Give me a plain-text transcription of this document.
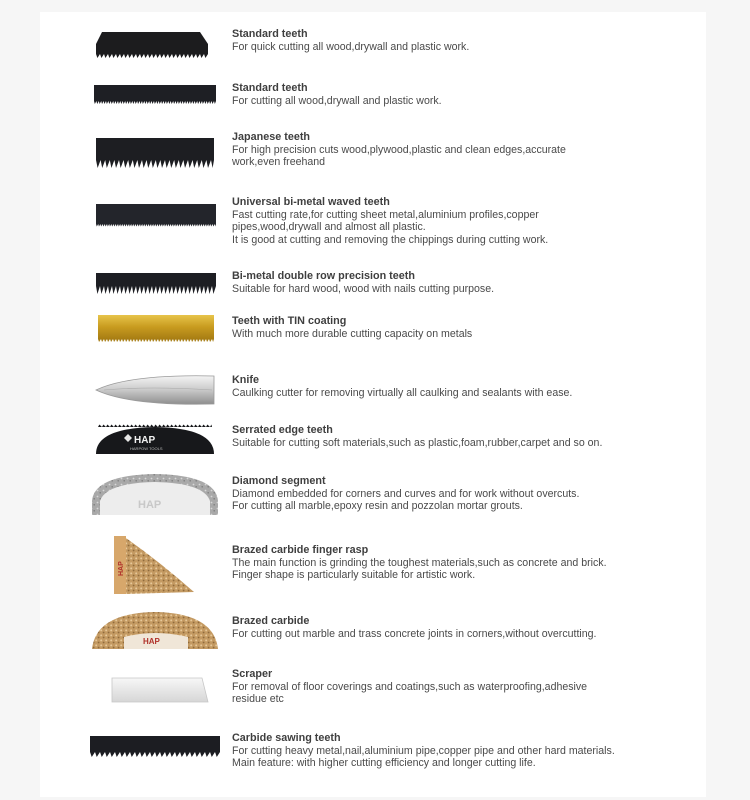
Standard teeth
For quick cutting all wood,drywall and plastic work.
Standard teeth
For cutting all wood,drywall and plastic work.
Japanese teeth
For high precision cuts wood,plywood,plastic and clean edges,accurate
work,even freehand
Universal bi-metal waved teeth
Fast cutting rate,for cutting sheet metal,aluminium profiles,copper
pipes,wood,drywall and almost all plastic.
It is good at cutting and removing the chippings during cutting work.
Bi-metal double row precision teeth
Suitable for hard wood, wood with nails cutting purpose.
Teeth with TIN coating
With much more durable cutting capacity on metals
Knife
Caulking cutter for removing virtually all caulking and sealants with ease.
HAP
HARPOW TOOLS
Serrated edge teeth
Suitable for cutting soft materials,such as plastic,foam,rubber,carpet and so on.
HAP
Diamond segment
Diamond embedded for corners and curves and for work without overcuts.
For cutting all marble,epoxy resin and pozzolan mortar grouts.
HAP
Brazed carbide finger rasp
The main function is grinding the toughest materials,such as concrete and brick.
Finger shape is particularly suitable for artistic work.
HAP
Brazed carbide
For cutting out marble and trass concrete joints in corners,without overcutting.
Scraper
For removal of floor coverings and coatings,such as waterproofing,adhesive
residue etc
Carbide sawing teeth
For cutting heavy metal,nail,aluminium pipe,copper pipe and other hard materials.
Main feature: with higher cutting efficiency and longer cutting life.
